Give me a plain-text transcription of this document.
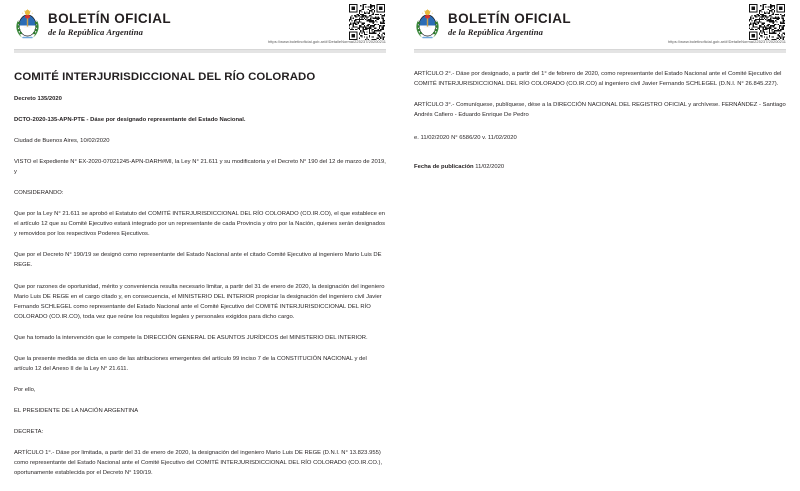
BOLETÍN OFICIAL
de la República Argentina
https://www.boletinoficial.gob.ar/#!DetalleNorma/225237/20200211
COMITÉ INTERJURISDICCIONAL DEL RÍO COLORADO

Decreto 135/2020

DCTO-2020-135-APN-PTE - Dáse por designado representante del Estado Nacional.

Ciudad de Buenos Aires, 10/02/2020

VISTO el Expediente N° EX-2020-07021245-APN-DARH#MI, la Ley N° 21.611 y su modificatoria y el Decreto N° 190 del 12 de marzo de 2019, y

CONSIDERANDO:

Que por la Ley N° 21.611 se aprobó el Estatuto del COMITÉ INTERJURISDICCIONAL DEL RÍO COLORADO (CO.IR.CO), el que establece en el artículo 12 que su Comité Ejecutivo estará integrado por un representante de cada Provincia y otro por la Nación, quienes serán designados y removidos por los respectivos Poderes Ejecutivos.

Que por el Decreto N° 190/19 se designó como representante del Estado Nacional ante el citado Comité Ejecutivo al ingeniero Mario Luis DE REGE.

Que por razones de oportunidad, mérito y conveniencia resulta necesario limitar, a partir del 31 de enero de 2020, la designación del ingeniero Mario Luis DE REGE en el cargo citado y, en consecuencia, el MINISTERIO DEL INTERIOR propiciar la designación del ingeniero civil Javier Fernando SCHLEGEL como representante del Estado Nacional ante el Comité Ejecutivo del COMITÉ INTERJURISDICCIONAL DEL RÍO COLORADO (CO.IR.CO), toda vez que reúne los requisitos legales y personales exigidos para dicho cargo.

Que ha tomado la intervención que le compete la DIRECCIÓN GENERAL DE ASUNTOS JURÍDICOS del MINISTERIO DEL INTERIOR.

Que la presente medida se dicta en uso de las atribuciones emergentes del artículo 99 inciso 7 de la CONSTITUCIÓN NACIONAL y del artículo 12 del Anexo II de la Ley N° 21.611.

Por ello,

EL PRESIDENTE DE LA NACIÓN ARGENTINA

DECRETA:

ARTÍCULO 1°.- Dáse por limitada, a partir del 31 de enero de 2020, la designación del ingeniero Mario Luis DE REGE (D.N.I. N° 13.823.955) como representante del Estado Nacional ante el Comité Ejecutivo del COMITÉ INTERJURISDICCIONAL DEL RÍO COLORADO (CO.IR.CO.), oportunamente establecida por el Decreto N° 190/19.

BOLETÍN OFICIAL
de la República Argentina
https://www.boletinoficial.gob.ar/#!DetalleNorma/225237/20200211

ARTÍCULO 2°.- Dáse por designado, a partir del 1° de febrero de 2020, como representante del Estado Nacional ante el Comité Ejecutivo del COMITÉ INTERJURISDICCIONAL DEL RÍO COLORADO (CO.IR.CO) al ingeniero civil Javier Fernando SCHLEGEL (D.N.I. N° 26.845.227).

ARTÍCULO 3°.- Comuníquese, publíquese, dése a la DIRECCIÓN NACIONAL DEL REGISTRO OFICIAL y archívese. FERNÁNDEZ - Santiago Andrés Cafiero - Eduardo Enrique De Pedro

e. 11/02/2020 N° 6586/20 v. 11/02/2020

Fecha de publicación 11/02/2020
